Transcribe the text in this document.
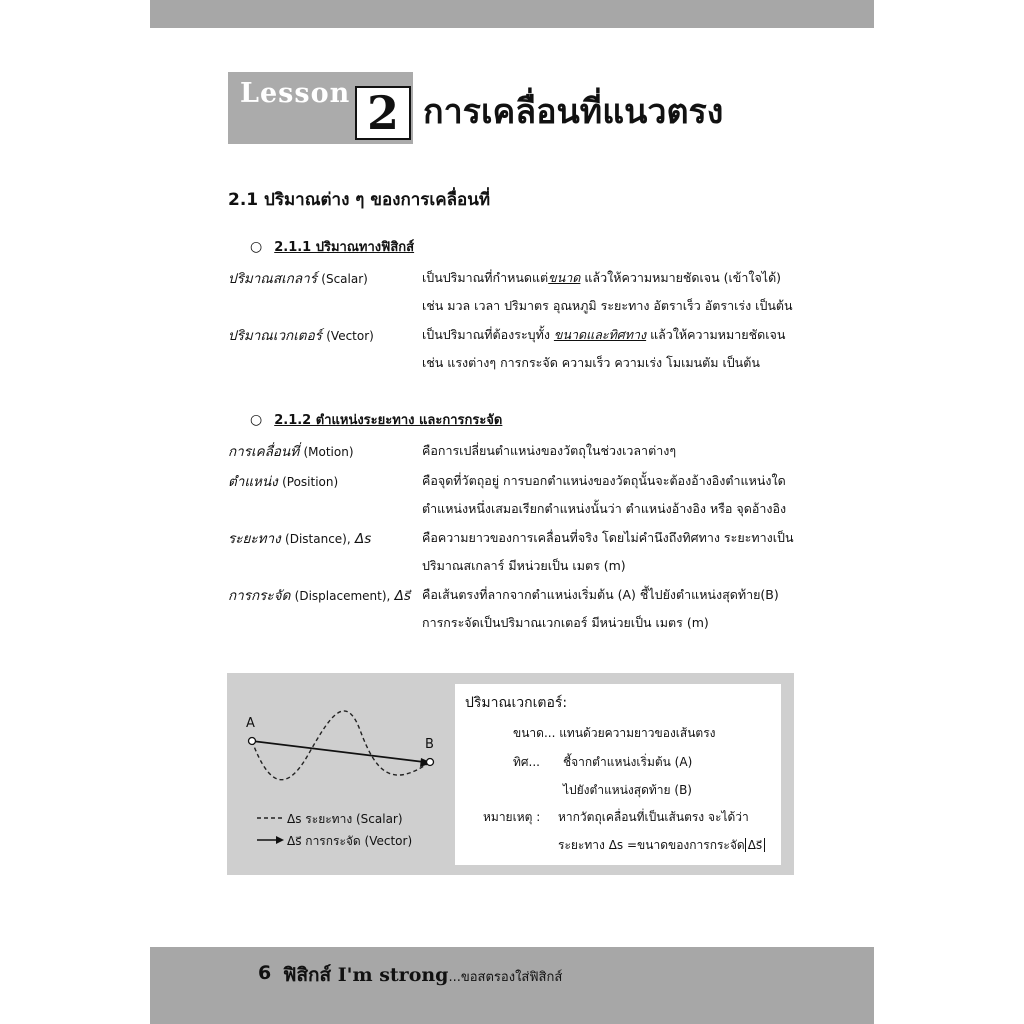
Lesson 2 การเคลื่อนที่แนวตรง
2.1 ปริมาณต่าง ๆ ของการเคลื่อนที่
○ 2.1.1 ปริมาณทางฟิสิกส์
ปริมาณสเกลาร์ (Scalar)	เป็นปริมาณที่กำหนดแต่ขนาด แล้วให้ความหมายชัดเจน (เข้าใจได้)
เช่น มวล เวลา ปริมาตร อุณหภูมิ ระยะทาง อัตราเร็ว อัตราเร่ง เป็นต้น
ปริมาณเวกเตอร์ (Vector)	เป็นปริมาณที่ต้องระบุทั้ง ขนาดและทิศทาง แล้วให้ความหมายชัดเจน
เช่น แรงต่างๆ การกระจัด ความเร็ว ความเร่ง โมเมนตัม เป็นต้น
○ 2.1.2 ตำแหน่งระยะทาง และการกระจัด
การเคลื่อนที่ (Motion)	คือการเปลี่ยนตำแหน่งของวัตถุในช่วงเวลาต่างๆ
ตำแหน่ง (Position)	คือจุดที่วัตถุอยู่ การบอกตำแหน่งของวัตถุนั้นจะต้องอ้างอิงตำแหน่งใด
ตำแหน่งหนึ่งเสมอเรียกตำแหน่งนั้นว่า ตำแหน่งอ้างอิง หรือ จุดอ้างอิง
ระยะทาง (Distance), Δs	คือความยาวของการเคลื่อนที่จริง โดยไม่คำนึงถึงทิศทาง ระยะทางเป็น
ปริมาณสเกลาร์ มีหน่วยเป็น เมตร (m)
การกระจัด (Displacement), Δs⃗ คือเส้นตรงที่ลากจากตำแหน่งเริ่มต้น (A) ชี้ไปยังตำแหน่งสุดท้าย(B)
การกระจัดเป็นปริมาณเวกเตอร์ มีหน่วยเป็น เมตร (m)
A
B
Δs ระยะทาง (Scalar)
Δs⃗ การกระจัด (Vector)
ปริมาณเวกเตอร์:
ขนาด... แทนด้วยความยาวของเส้นตรง
ทิศ... ชี้จากตำแหน่งเริ่มต้น (A)
ไปยังตำแหน่งสุดท้าย (B)
หมายเหตุ : หากวัตถุเคลื่อนที่เป็นเส้นตรง จะได้ว่า
ระยะทาง Δs =ขนาดของการกระจัด Δs⃗
6 ฟิสิกส์ I'm strong...ขอสตรองใส่ฟิสิกส์
